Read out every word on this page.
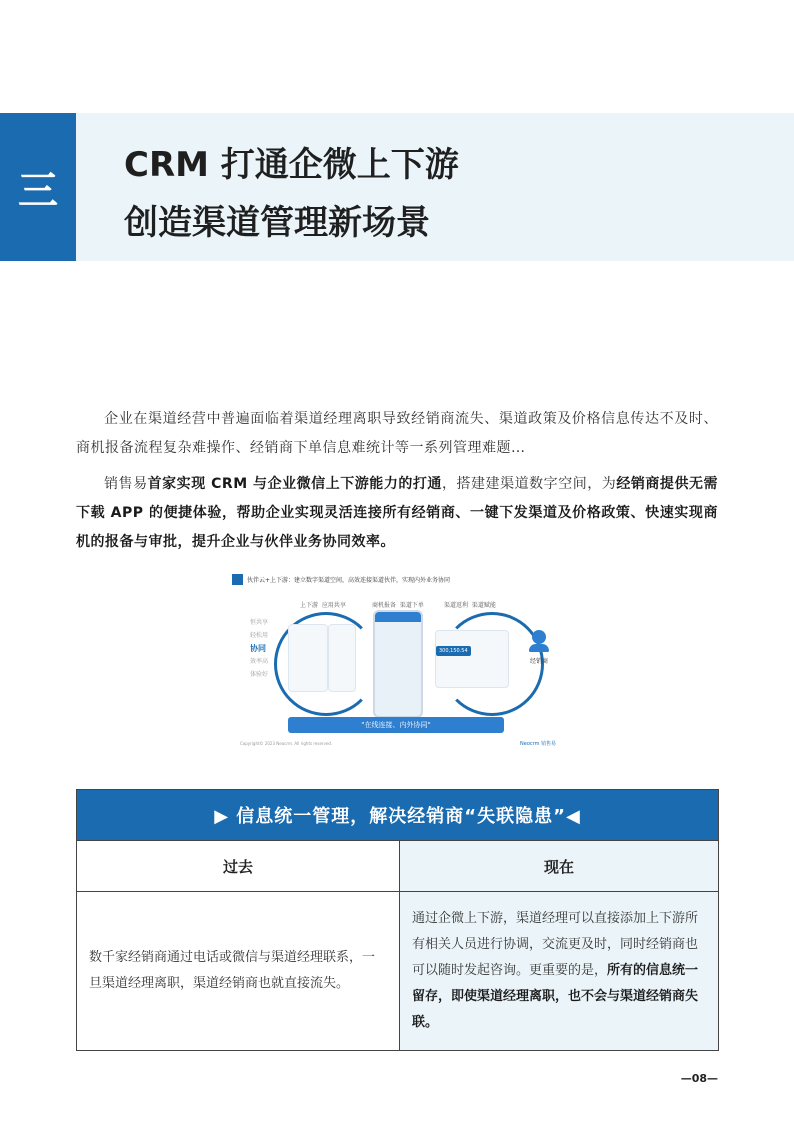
三
CRM 打通企微上下游
创造渠道管理新场景
企业在渠道经营中普遍面临着渠道经理离职导致经销商流失、渠道政策及价格信息传达不及时、商机报备流程复杂难操作、经销商下单信息难统计等一系列管理难题…
销售易首家实现 CRM 与企业微信上下游能力的打通，搭建建渠道数字空间，为经销商提供无需下载 APP 的便捷体验，帮助企业实现灵活连接所有经销商、一键下发渠道及价格政策、快速实现商机的报备与审批，提升企业与伙伴业务协同效率。
伙伴云+上下游：建立数字渠道空间，高效连接渠道伙伴，实现内外业务协同
上下游 应用共享	商机报备 渠道下单	渠道返利 渠道赋能
恒共享
轻松用
协同
效率高
体验好
300,150.54
经销商
"在线连接、内外协同"
Copyright© 2023 Neocrm. All rights reserved.	Neocrm 销售易
▶ 信息统一管理，解决经销商“失联隐患”◀	
过去	现在
数千家经销商通过电话或微信与渠道经理联系，一旦渠道经理离职，渠道经销商也就直接流失。	通过企微上下游，渠道经理可以直接添加上下游所有相关人员进行协调，交流更及时，同时经销商也可以随时发起咨询。更重要的是，所有的信息统一留存，即使渠道经理离职，也不会与渠道经销商失联。
—08—
